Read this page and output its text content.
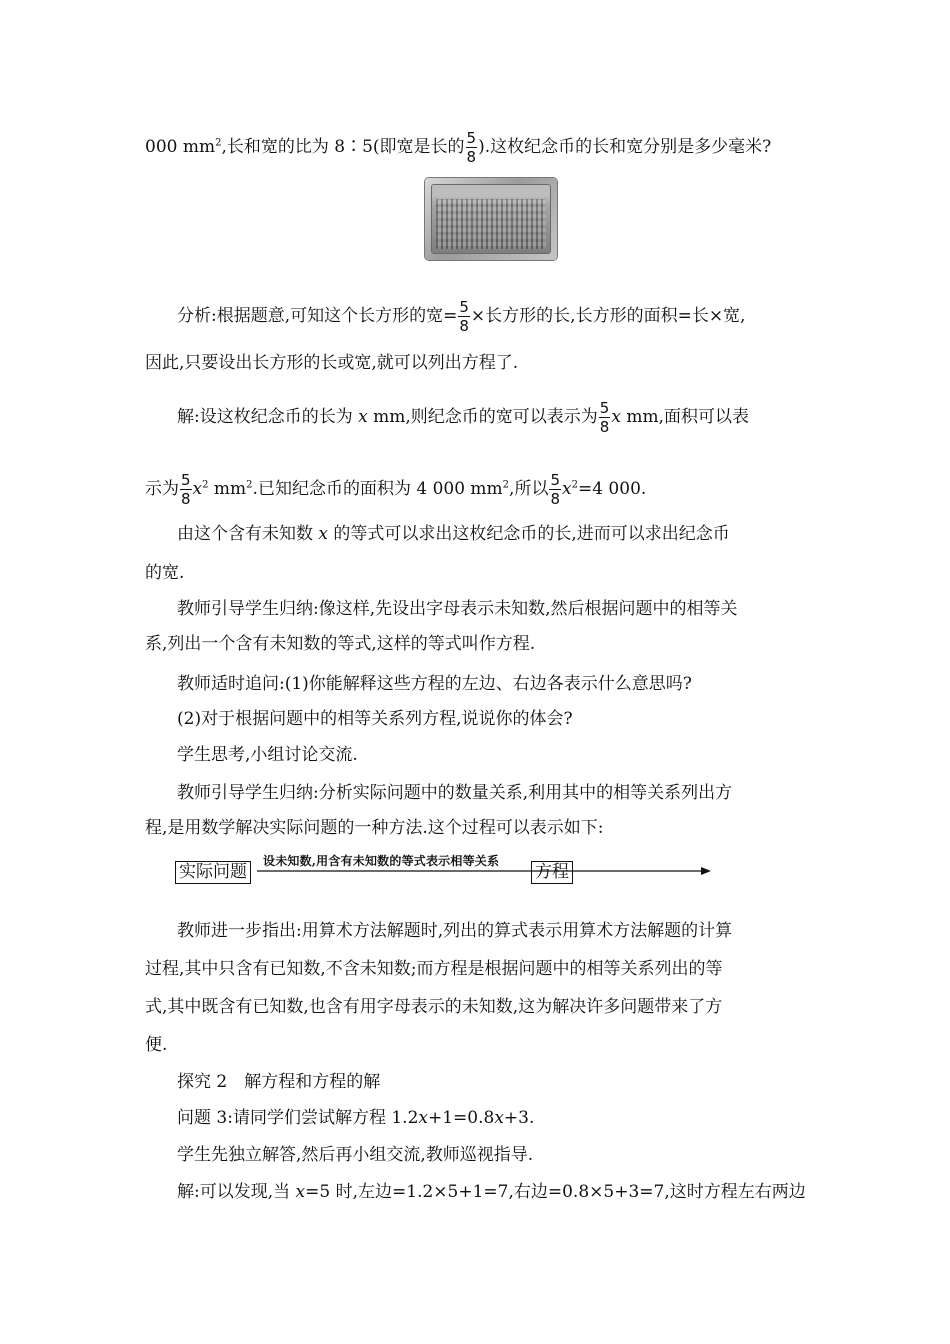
000 $mm^2$,长和宽的比为 8∶5(即宽是长的 $\frac{5}{8}$ ).这枚纪念币的长和宽分别是多少毫米?
分析:根据题意,可知这个长方形的宽= $\frac{5}{8}$ ×长方形的长,长方形的面积=长×宽,
因此,只要设出长方形的长或宽,就可以列出方程了.
解:设这枚纪念币的长为 x mm,则纪念币的宽可以表示为 $\frac{5}{8}$ x mm,面积可以表
示为 $\frac{5}{8} x^2$ $mm^2$.已知纪念币的面积为 4 000 $mm^2$,所以 $\frac{5}{8} x^2=4$ 000.
由这个含有未知数 x 的等式可以求出这枚纪念币的长,进而可以求出纪念币
的宽.
教师引导学生归纳:像这样,先设出字母表示未知数,然后根据问题中的相等关
系,列出一个含有未知数的等式,这样的等式叫作方程.
教师适时追问:(1)你能解释这些方程的左边、右边各表示什么意思吗?
(2)对于根据问题中的相等关系列方程,说说你的体会?
学生思考,小组讨论交流.
教师引导学生归纳:分析实际问题中的数量关系,利用其中的相等关系列出方
程,是用数学解决实际问题的一种方法.这个过程可以表示如下:
实际问题
设未知数,用含有未知数的等式表示相等关系
方程
教师进一步指出:用算术方法解题时,列出的算式表示用算术方法解题的计算
过程,其中只含有已知数,不含未知数;而方程是根据问题中的相等关系列出的等
式,其中既含有已知数,也含有用字母表示的未知数,这为解决许多问题带来了方
便.
探究 2　解方程和方程的解
问题 3:请同学们尝试解方程 1.2x+1=0.8x+3.
学生先独立解答,然后再小组交流,教师巡视指导.
解:可以发现,当 x=5 时,左边=1.2×5+1=7,右边=0.8×5+3=7,这时方程左右两边
